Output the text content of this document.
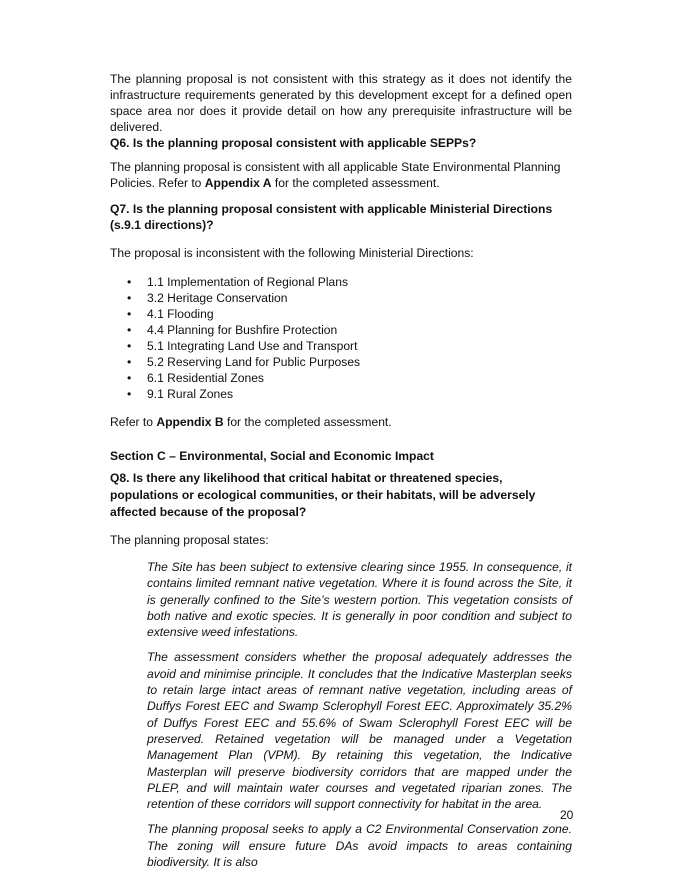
The planning proposal is not consistent with this strategy as it does not identify the infrastructure requirements generated by this development except for a defined open space area nor does it provide detail on how any prerequisite infrastructure will be delivered.

Q6. Is the planning proposal consistent with applicable SEPPs?

The planning proposal is consistent with all applicable State Environmental Planning Policies. Refer to Appendix A for the completed assessment.

Q7. Is the planning proposal consistent with applicable Ministerial Directions (s.9.1 directions)?

The proposal is inconsistent with the following Ministerial Directions:

• 1.1 Implementation of Regional Plans
• 3.2 Heritage Conservation
• 4.1 Flooding
• 4.4 Planning for Bushfire Protection
• 5.1 Integrating Land Use and Transport
• 5.2 Reserving Land for Public Purposes
• 6.1 Residential Zones
• 9.1 Rural Zones

Refer to Appendix B for the completed assessment.

Section C – Environmental, Social and Economic Impact

Q8. Is there any likelihood that critical habitat or threatened species, populations or ecological communities, or their habitats, will be adversely affected because of the proposal?

The planning proposal states:

The Site has been subject to extensive clearing since 1955. In consequence, it contains limited remnant native vegetation. Where it is found across the Site, it is generally confined to the Site’s western portion. This vegetation consists of both native and exotic species. It is generally in poor condition and subject to extensive weed infestations.

The assessment considers whether the proposal adequately addresses the avoid and minimise principle. It concludes that the Indicative Masterplan seeks to retain large intact areas of remnant native vegetation, including areas of Duffys Forest EEC and Swamp Sclerophyll Forest EEC. Approximately 35.2% of Duffys Forest EEC and 55.6% of Swam Sclerophyll Forest EEC will be preserved. Retained vegetation will be managed under a Vegetation Management Plan (VPM). By retaining this vegetation, the Indicative Masterplan will preserve biodiversity corridors that are mapped under the PLEP, and will maintain water courses and vegetated riparian zones. The retention of these corridors will support connectivity for habitat in the area.

The planning proposal seeks to apply a C2 Environmental Conservation zone. The zoning will ensure future DAs avoid impacts to areas containing biodiversity. It is also

20
